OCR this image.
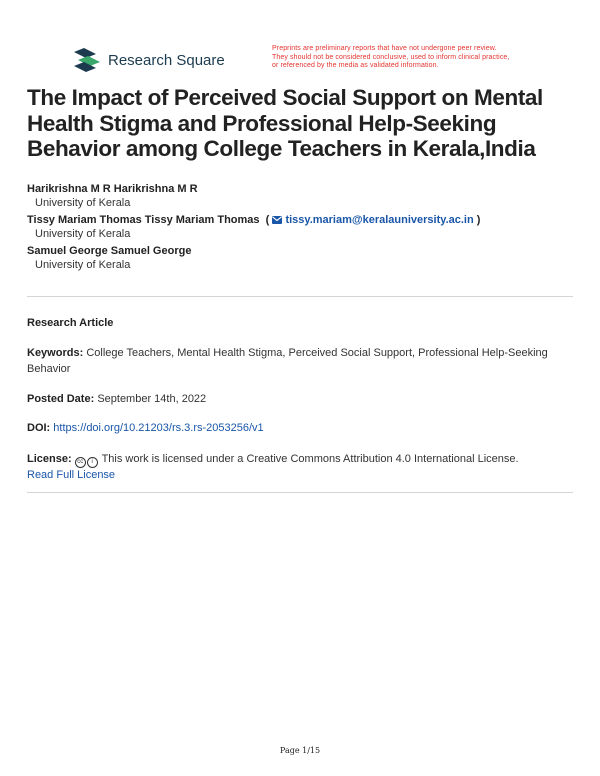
Research Square
Preprints are preliminary reports that have not undergone peer review.
They should not be considered conclusive, used to inform clinical practice,
or referenced by the media as validated information.
The Impact of Perceived Social Support on Mental Health Stigma and Professional Help-Seeking Behavior among College Teachers in Kerala,India
Harikrishna M R Harikrishna M R
University of Kerala
Tissy Mariam Thomas Tissy Mariam Thomas  (  tissy.mariam@keralauniversity.ac.in )
University of Kerala
Samuel George Samuel George
University of Kerala
Research Article
Keywords: College Teachers, Mental Health Stigma, Perceived Social Support, Professional Help-Seeking Behavior
Posted Date: September 14th, 2022
DOI: https://doi.org/10.21203/rs.3.rs-2053256/v1
License: cc i This work is licensed under a Creative Commons Attribution 4.0 International License.
Read Full License
Page 1/15
